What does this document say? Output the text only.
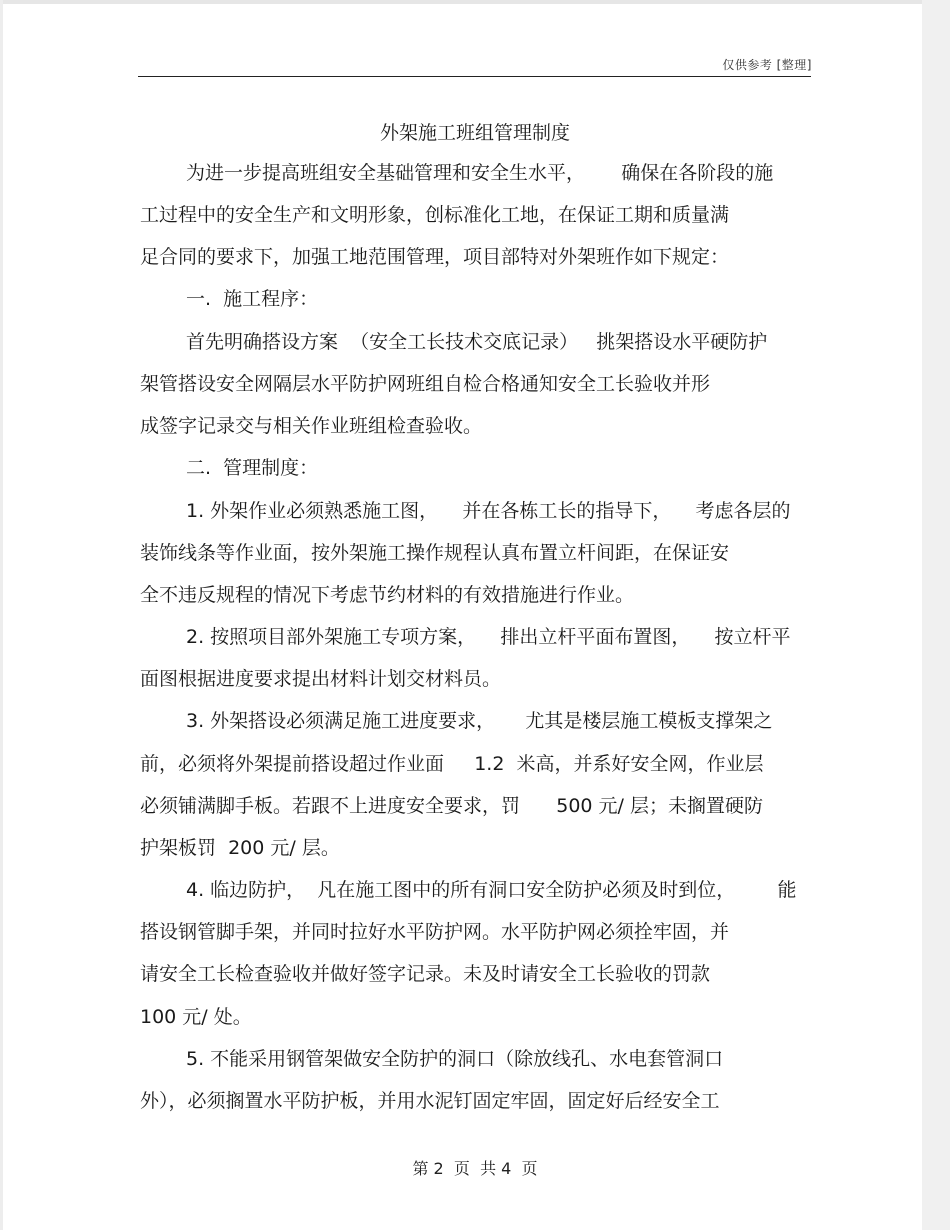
仅供参考 [整理]
外架施工班组管理制度
为进一步提高班组安全基础管理和安全生水平，      确保在各阶段的施
工过程中的安全生产和文明形象，创标准化工地，在保证工期和质量满
足合同的要求下，加强工地范围管理，项目部特对外架班作如下规定：
一.  施工程序：
首先明确搭设方案  （安全工长技术交底记录）   挑架搭设水平硬防护
架管搭设安全网隔层水平防护网班组自检合格通知安全工长验收并形
成签字记录交与相关作业班组检查验收。
二.  管理制度：
1. 外架作业必须熟悉施工图，    并在各栋工长的指导下，    考虑各层的
装饰线条等作业面，按外架施工操作规程认真布置立杆间距，在保证安
全不违反规程的情况下考虑节约材料的有效措施进行作业。
2. 按照项目部外架施工专项方案，    排出立杆平面布置图，    按立杆平
面图根据进度要求提出材料计划交材料员。
3. 外架搭设必须满足施工进度要求，     尤其是楼层施工模板支撑架之
前，必须将外架提前搭设超过作业面     1.2  米高，并系好安全网，作业层
必须铺满脚手板。若跟不上进度安全要求，罚      500 元/ 层；未搁置硬防
护架板罚  200 元/ 层。
4. 临边防护，  凡在施工图中的所有洞口安全防护必须及时到位，       能
搭设钢管脚手架，并同时拉好水平防护网。水平防护网必须拴牢固，并
请安全工长检查验收并做好签字记录。未及时请安全工长验收的罚款
100 元/ 处。
5. 不能采用钢管架做安全防护的洞口（除放线孔、水电套管洞口
外），必须搁置水平防护板，并用水泥钉固定牢固，固定好后经安全工
第 2  页  共 4  页
